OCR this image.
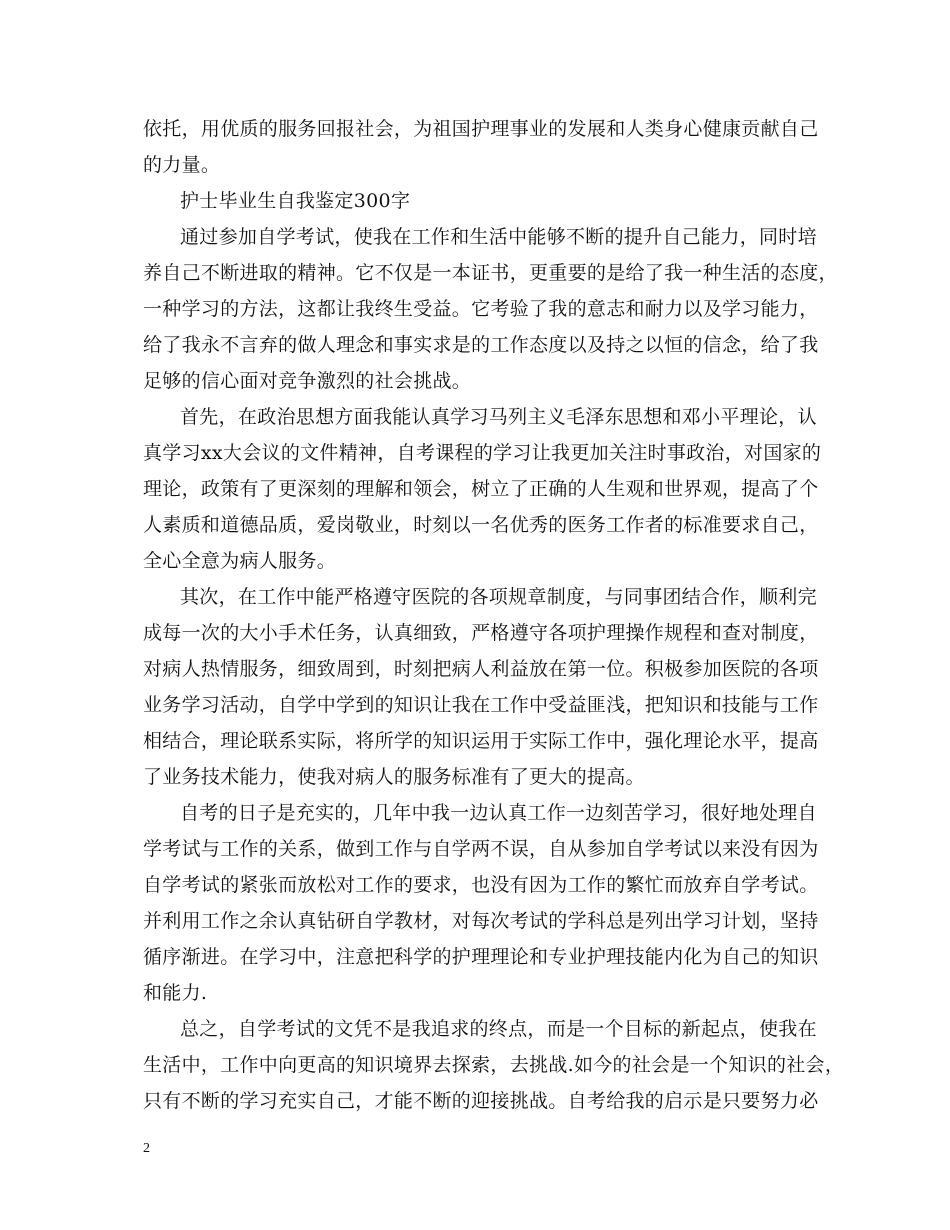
依托，用优质的服务回报社会，为祖国护理事业的发展和人类身心健康贡献自己
的力量。
护士毕业生自我鉴定300字
通过参加自学考试，使我在工作和生活中能够不断的提升自己能力，同时培
养自己不断进取的精神。它不仅是一本证书，更重要的是给了我一种生活的态度，
一种学习的方法，这都让我终生受益。它考验了我的意志和耐力以及学习能力，
给了我永不言弃的做人理念和事实求是的工作态度以及持之以恒的信念，给了我
足够的信心面对竞争激烈的社会挑战。
首先，在政治思想方面我能认真学习马列主义毛泽东思想和邓小平理论，认
真学习xx大会议的文件精神，自考课程的学习让我更加关注时事政治，对国家的
理论，政策有了更深刻的理解和领会，树立了正确的人生观和世界观，提高了个
人素质和道德品质，爱岗敬业，时刻以一名优秀的医务工作者的标准要求自己，
全心全意为病人服务。
其次，在工作中能严格遵守医院的各项规章制度，与同事团结合作，顺利完
成每一次的大小手术任务，认真细致，严格遵守各项护理操作规程和查对制度，
对病人热情服务，细致周到，时刻把病人利益放在第一位。积极参加医院的各项
业务学习活动，自学中学到的知识让我在工作中受益匪浅，把知识和技能与工作
相结合，理论联系实际，将所学的知识运用于实际工作中，强化理论水平，提高
了业务技术能力，使我对病人的服务标准有了更大的提高。
自考的日子是充实的，几年中我一边认真工作一边刻苦学习，很好地处理自
学考试与工作的关系，做到工作与自学两不误，自从参加自学考试以来没有因为
自学考试的紧张而放松对工作的要求，也没有因为工作的繁忙而放弃自学考试。
并利用工作之余认真钻研自学教材，对每次考试的学科总是列出学习计划，坚持
循序渐进。在学习中，注意把科学的护理理论和专业护理技能内化为自己的知识
和能力.
总之，自学考试的文凭不是我追求的终点，而是一个目标的新起点，使我在
生活中，工作中向更高的知识境界去探索，去挑战.如今的社会是一个知识的社会，
只有不断的学习充实自己，才能不断的迎接挑战。自考给我的启示是只要努力必
2
